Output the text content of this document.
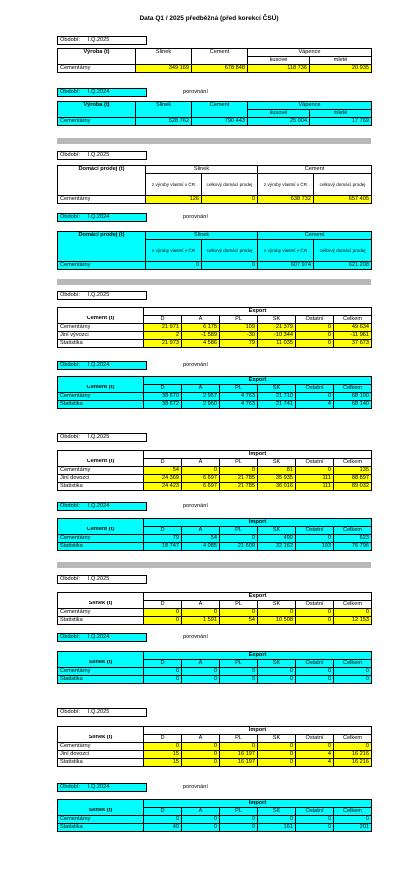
Data Q1 / 2025 předběžná (před korekcí ČSÚ)
Období: I.Q.2025
Výroba (t)	Slinek	Cement	Vápence	
			kusové	mleté
Cementárny	349 169	678 848	118 736	20 935
Období: I.Q.2024	porovnání
Výroba (t)	Slinek	Cement	Vápence	
			kusové	mleté
Cementárny	528 762	790 443	25 004	17 769
Období: I.Q.2025
Domácí prodej (t)	Slinek		Cement	
	z výroby vlastní v ČR	celkový domácí prodej	z výroby vlastní v ČR	celkový domácí prodej
Cementárny	126	0	638 732	657 405
Období: I.Q.2024	porovnání
Domácí prodej (t)	Slinek		Cement	
	z výroby vlastní v ČR	celkový domácí prodej	z výroby vlastní v ČR	celkový domácí prodej
Cementárny	0	0	607 974	621 208
Období: I.Q.2025
	Export					
Cement (t)	D	A	PL	SK	Ostatní	Celkem
Cementárny	21 971	6 175	109	21 379	0	49 634
Jiní vývozci	2	-1 589	-30	-10 344	0	-11 961
Statistika	21 973	4 586	79	11 035	0	37 673
Období: I.Q.2024	porovnání
	Export					
Cement (t)	D	A	PL	SK	Ostatní	Celkem
Cementárny	38 670	2 957	4 763	21 710	0	68 100
Statistika	38 672	2 960	4 763	21 741	4	68 140
Období: I.Q.2025
	Import					
Cement (t)	D	A	PL	SK	Ostatní	Celkem
Cementárny	54	0	0	81	0	135
Jiní dovozci	24 369	6 697	21 785	35 935	111	88 897
Statistika	24 423	6 697	21 785	36 016	111	89 032
Období: I.Q.2024	porovnání
	Import					
Cement (t)	D	A	PL	SK	Ostatní	Celkem
Cementárny	79	54	0	490	0	623
Statistika	18 747	4 085	21 609	32 162	193	76 796
Období: I.Q.2025
	Export					
Slinek (t)	D	A	PL	SK	Ostatní	Celkem
Cementárny	0	0	0	0	0	0
Statistika	0	1 591	54	10 508	0	12 153
Období: I.Q.2024	porovnání
	Export					
Slinek (t)	D	A	PL	SK	Ostatní	Celkem
Cementárny	0	0	0	0	0	0
Statistika	0	0	0	0	0	0
Období: I.Q.2025
	Import					
Slinek (t)	D	A	PL	SK	Ostatní	Celkem
Cementárny	0	0	0	0	0	0
Jiní dovozci	15	0	16 197	0	4	16 216
Statistika	15	0	16 197	0	4	16 216
Období: I.Q.2024	porovnání
	Import					
Slinek (t)	D	A	PL	SK	Ostatní	Celkem
Cementárny	0	0	0	0	0	0
Statistika	40	0	0	161	0	201
